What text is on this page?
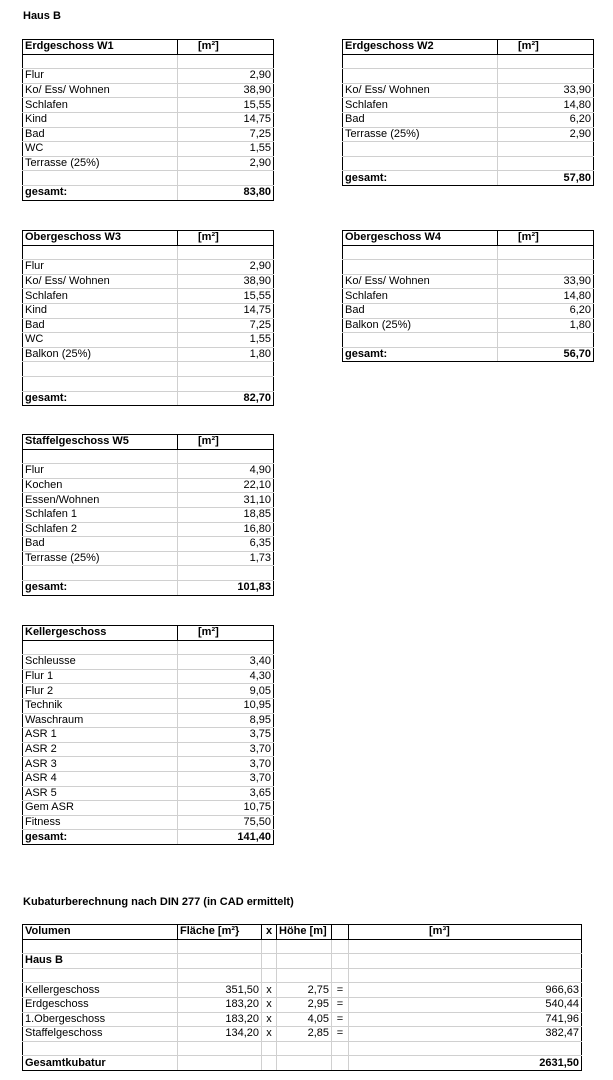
Haus B
Erdgeschoss W1	[m²]

Flur	2,90
Ko/ Ess/ Wohnen	38,90
Schlafen	15,55
Kind	14,75
Bad	7,25
WC	1,55
Terrasse (25%)	2,90

gesamt:	83,80
Erdgeschoss W2	[m²]

Ko/ Ess/ Wohnen	33,90
Schlafen	14,80
Bad	6,20
Terrasse (25%)	2,90

gesamt:	57,80
Obergeschoss W3	[m²]

Flur	2,90
Ko/ Ess/ Wohnen	38,90
Schlafen	15,55
Kind	14,75
Bad	7,25
WC	1,55
Balkon (25%)	1,80

gesamt:	82,70
Obergeschoss W4	[m²]

Ko/ Ess/ Wohnen	33,90
Schlafen	14,80
Bad	6,20
Balkon (25%)	1,80

gesamt:	56,70
Staffelgeschoss W5	[m²]

Flur	4,90
Kochen	22,10
Essen/Wohnen	31,10
Schlafen 1	18,85
Schlafen 2	16,80
Bad	6,35
Terrasse (25%)	1,73

gesamt:	101,83
Kellergeschoss	[m²]

Schleusse	3,40
Flur 1	4,30
Flur 2	9,05
Technik	10,95
Waschraum	8,95
ASR 1	3,75
ASR 2	3,70
ASR 3	3,70
ASR 4	3,70
ASR 5	3,65
Gem ASR	10,75
Fitness	75,50
gesamt:	141,40
Kubaturberechnung nach DIN 277 (in CAD ermittelt)
Volumen	Fläche [m²}	x	Höhe [m]		[m³]

Haus B					

Kellergeschoss	351,50	x	2,75	=	966,63
Erdgeschoss	183,20	x	2,95	=	540,44
1.Obergeschoss	183,20	x	4,05	=	741,96
Staffelgeschoss	134,20	x	2,85	=	382,47

Gesamtkubatur					2631,50
